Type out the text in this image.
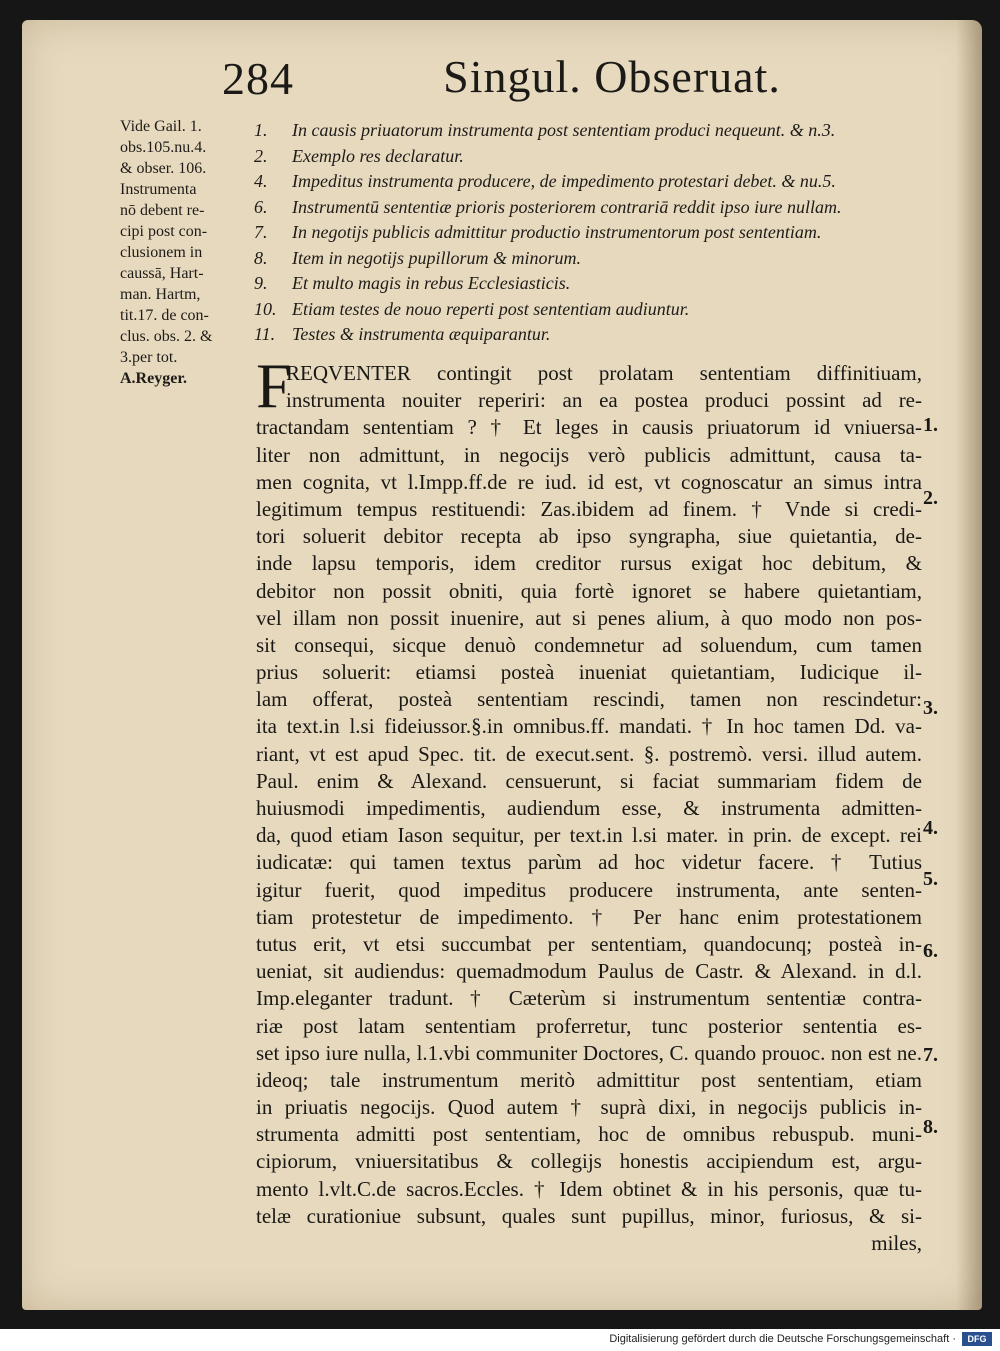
284	Singul. Obseruat.
Vide Gail. 1.
obs.105.nu.4.
& obser. 106.
Instrumenta
nō debent re-
cipi post con-
clusionem in
caussā, Hart-
man. Hartm,
tit.17. de con-
clus. obs. 2. &
3.per tot.
A.Reyger.
1. In causis priuatorum instrumenta post sententiam produci nequeunt. & n.3.
2. Exemplo res declaratur.
4. Impeditus instrumenta producere, de impedimento protestari debet. & nu.5.
6. Instrumentū sententiæ prioris posteriorem contrariā reddit ipso iure nullam.
7. In negotijs publicis admittitur productio instrumentorum post sententiam.
8. Item in negotijs pupillorum & minorum.
9. Et multo magis in rebus Ecclesiasticis.
10. Etiam testes de nouo reperti post sententiam audiuntur.
11. Testes & instrumenta æquiparantur.
F
REQVENTER contingit post prolatam sententiam diffinitiuam,
instrumenta nouiter reperiri: an ea postea produci possint ad re-
tractandam sententiam ? † Et leges in causis priuatorum id vniuersa-
liter non admittunt, in negocijs verò publicis admittunt, causa ta-
men cognita, vt l.Impp.ff.de re iud. id est, vt cognoscatur an simus intra
legitimum tempus restituendi: Zas.ibidem ad finem. † Vnde si credi-
tori soluerit debitor recepta ab ipso syngrapha, siue quietantia, de-
inde lapsu temporis, idem creditor rursus exigat hoc debitum, &
debitor non possit obniti, quia fortè ignoret se habere quietantiam,
vel illam non possit inuenire, aut si penes alium, à quo modo non pos-
sit consequi, sicque denuò condemnetur ad soluendum, cum tamen
prius soluerit: etiamsi posteà inueniat quietantiam, Iudicique il-
lam offerat, posteà sententiam rescindi, tamen non rescindetur:
ita text.in l.si fideiussor.§.in omnibus.ff. mandati. † In hoc tamen Dd. va-
riant, vt est apud Spec. tit. de execut.sent. §. postremò. versi. illud autem.
Paul. enim & Alexand. censuerunt, si faciat summariam fidem de
huiusmodi impedimentis, audiendum esse, & instrumenta admitten-
da, quod etiam Iason sequitur, per text.in l.si mater. in prin. de except. rei
iudicatæ: qui tamen textus parùm ad hoc videtur facere. † Tutius
igitur fuerit, quod impeditus producere instrumenta, ante senten-
tiam protestetur de impedimento. † Per hanc enim protestationem
tutus erit, vt etsi succumbat per sententiam, quandocunq; posteà in-
ueniat, sit audiendus: quemadmodum Paulus de Castr. & Alexand. in d.l.
Imp.eleganter tradunt. † Cæterùm si instrumentum sententiæ contra-
riæ post latam sententiam proferretur, tunc posterior sententia es-
set ipso iure nulla, l.1.vbi communiter Doctores, C. quando prouoc. non est ne.
ideoq; tale instrumentum meritò admittitur post sententiam, etiam
in priuatis negocijs. Quod autem † suprà dixi, in negocijs publicis in-
strumenta admitti post sententiam, hoc de omnibus rebuspub. muni-
cipiorum, vniuersitatibus & collegijs honestis accipiendum est, argu-
mento l.vlt.C.de sacros.Eccles. † Idem obtinet & in his personis, quæ tu-
telæ curationiue subsunt, quales sunt pupillus, minor, furiosus, & si-
miles,
1.
2.
3.
4.
5.
6.
7.
8.
Digitalisierung gefördert durch die Deutsche Forschungsgemeinschaft ·	DFG
